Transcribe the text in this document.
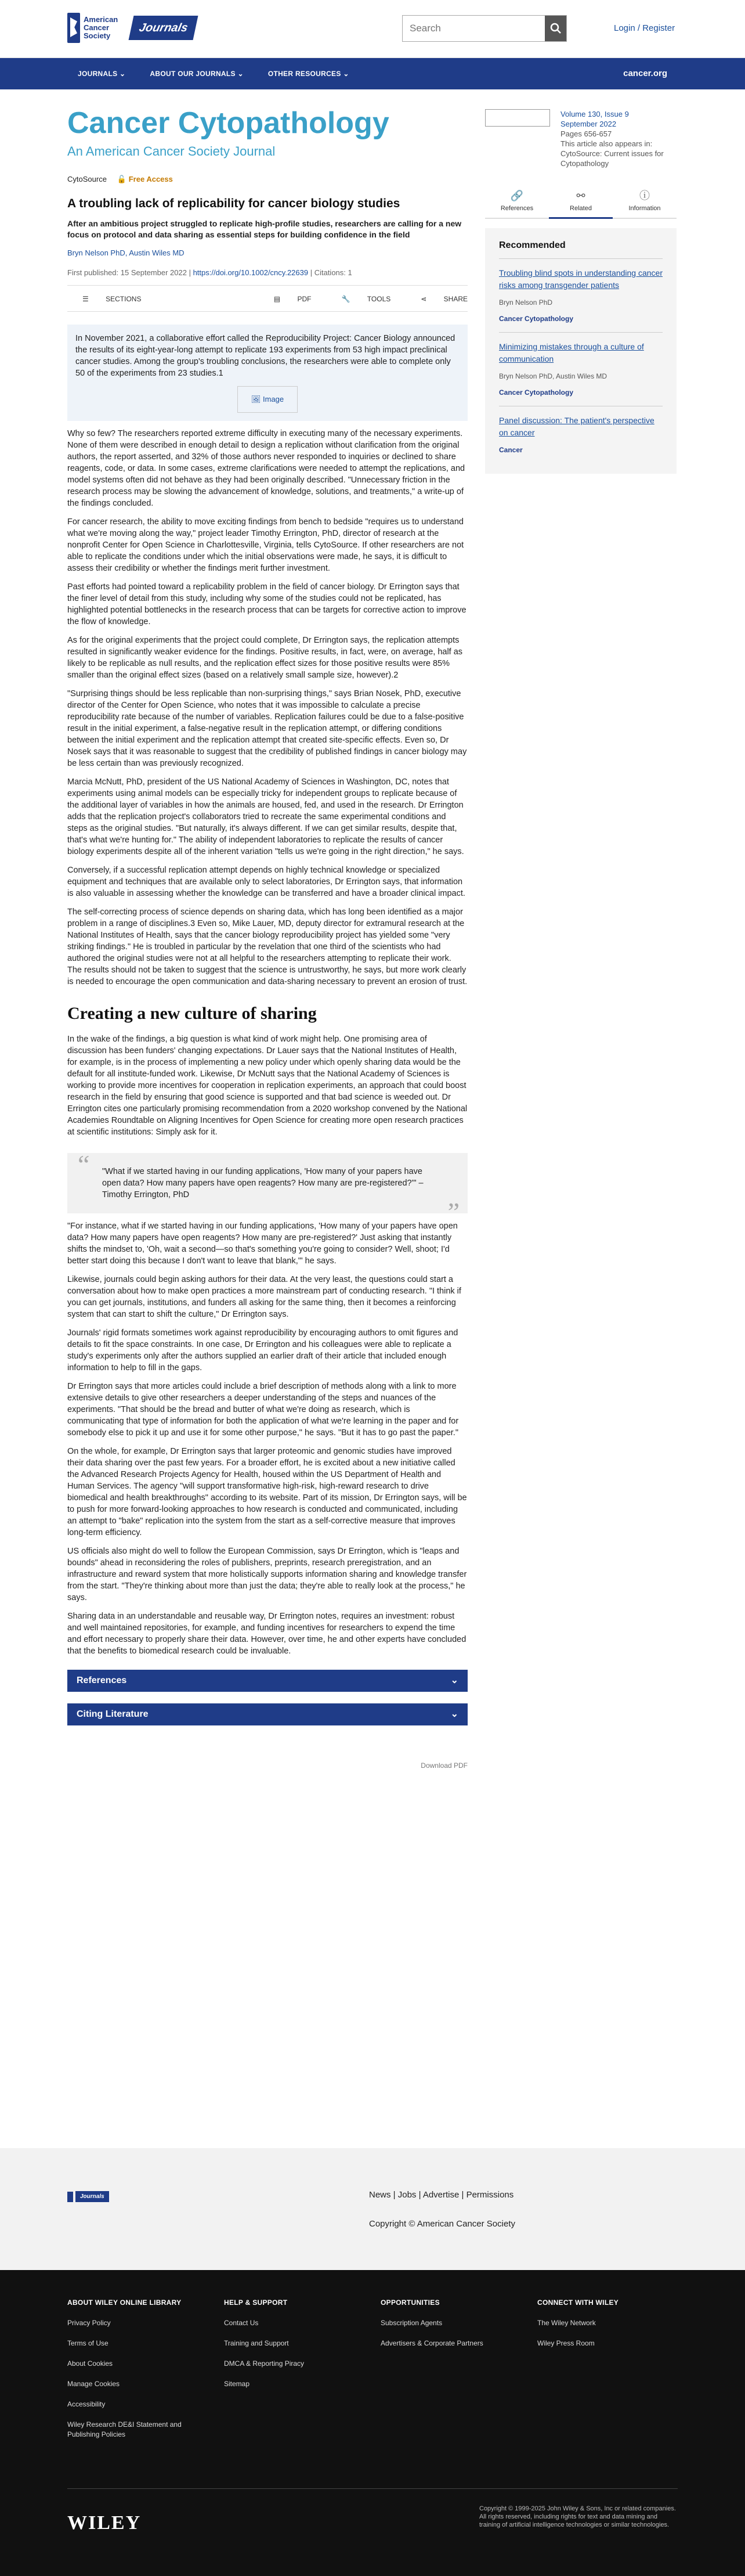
American Cancer Society
Journals
Search	Login / Register
JOURNALS ⌄	ABOUT OUR JOURNALS ⌄	OTHER RESOURCES ⌄	cancer.org
Cancer Cytopathology
An American Cancer Society Journal
CytoSource 🔓 Free Access
A troubling lack of replicability for cancer biology studies
After an ambitious project struggled to replicate high-profile studies, researchers are calling for a new focus on protocol and data sharing as essential steps for building confidence in the field
Bryn Nelson PhD, Austin Wiles MD
First published: 15 September 2022 | https://doi.org/10.1002/cncy.22639 | Citations: 1
☰ SECTIONS	▤ PDF	🔧 TOOLS	⋖ SHARE

In November 2021, a collaborative effort called the Reproducibility Project: Cancer Biology announced the results of its eight-year-long attempt to replicate 193 experiments from 53 high impact preclinical cancer studies. Among the group's troubling conclusions, the researchers were able to complete only 50 of the experiments from 23 studies.1

🖼
Image

Why so few? The researchers reported extreme difficulty in executing many of the necessary experiments. None of them were described in enough detail to design a replication without clarification from the original authors, the report asserted, and 32% of those authors never responded to inquiries or declined to share reagents, code, or data. In some cases, extreme clarifications were needed to attempt the replications, and model systems often did not behave as they had been originally described. "Unnecessary friction in the research process may be slowing the advancement of knowledge, solutions, and treatments," a write-up of the findings concluded.

For cancer research, the ability to move exciting findings from bench to bedside "requires us to understand what we're moving along the way," project leader Timothy Errington, PhD, director of research at the nonprofit Center for Open Science in Charlottesville, Virginia, tells CytoSource. If other researchers are not able to replicate the conditions under which the initial observations were made, he says, it is difficult to assess their credibility or whether the findings merit further investment.

Past efforts had pointed toward a replicability problem in the field of cancer biology. Dr Errington says that the finer level of detail from this study, including why some of the studies could not be replicated, has highlighted potential bottlenecks in the research process that can be targets for corrective action to improve the flow of knowledge.

As for the original experiments that the project could complete, Dr Errington says, the replication attempts resulted in significantly weaker evidence for the findings. Positive results, in fact, were, on average, half as likely to be replicable as null results, and the replication effect sizes for those positive results were 85% smaller than the original effect sizes (based on a relatively small sample size, however).2

"Surprising things should be less replicable than non-surprising things," says Brian Nosek, PhD, executive director of the Center for Open Science, who notes that it was impossible to calculate a precise reproducibility rate because of the number of variables. Replication failures could be due to a false-positive result in the initial experiment, a false-negative result in the replication attempt, or differing conditions between the initial experiment and the replication attempt that created site-specific effects. Even so, Dr Nosek says that it was reasonable to suggest that the credibility of published findings in cancer biology may be less certain than was previously recognized.

Marcia McNutt, PhD, president of the US National Academy of Sciences in Washington, DC, notes that experiments using animal models can be especially tricky for independent groups to replicate because of the additional layer of variables in how the animals are housed, fed, and used in the research. Dr Errington adds that the replication project's collaborators tried to recreate the same experimental conditions and steps as the original studies. "But naturally, it's always different. If we can get similar results, despite that, that's what we're hunting for." The ability of independent laboratories to replicate the results of cancer biology experiments despite all of the inherent variation "tells us we're going in the right direction," he says.

Conversely, if a successful replication attempt depends on highly technical knowledge or specialized equipment and techniques that are available only to select laboratories, Dr Errington says, that information is also valuable in assessing whether the knowledge can be transferred and have a broader clinical impact.

The self-correcting process of science depends on sharing data, which has long been identified as a major problem in a range of disciplines.3 Even so, Mike Lauer, MD, deputy director for extramural research at the National Institutes of Health, says that the cancer biology reproducibility project has yielded some "very striking findings." He is troubled in particular by the revelation that one third of the scientists who had authored the original studies were not at all helpful to the researchers attempting to replicate their work. The results should not be taken to suggest that the science is untrustworthy, he says, but more work clearly is needed to encourage the open communication and data-sharing necessary to prevent an erosion of trust.

Creating a new culture of sharing

In the wake of the findings, a big question is what kind of work might help. One promising area of discussion has been funders' changing expectations. Dr Lauer says that the National Institutes of Health, for example, is in the process of implementing a new policy under which openly sharing data would be the default for all institute-funded work. Likewise, Dr McNutt says that the National Academy of Sciences is working to provide more incentives for cooperation in replication experiments, an approach that could boost research in the field by ensuring that good science is supported and that bad science is weeded out. Dr Errington cites one particularly promising recommendation from a 2020 workshop convened by the National Academies Roundtable on Aligning Incentives for Open Science for creating more open research practices at scientific institutions: Simply ask for it.

“ "What if we started having in our funding applications, 'How many of your papers have open data? How many papers have open reagents? How many are pre-registered?'" –Timothy Errington, PhD
”

"For instance, what if we started having in our funding applications, 'How many of your papers have open data? How many papers have open reagents? How many are pre-registered?' Just asking that instantly shifts the mindset to, 'Oh, wait a second—so that's something you're going to consider? Well, shoot; I'd better start doing this because I don't want to leave that blank,'" he says.

Likewise, journals could begin asking authors for their data. At the very least, the questions could start a conversation about how to make open practices a more mainstream part of conducting research. "I think if you can get journals, institutions, and funders all asking for the same thing, then it becomes a reinforcing system that can start to shift the culture," Dr Errington says.

Journals' rigid formats sometimes work against reproducibility by encouraging authors to omit figures and details to fit the space constraints. In one case, Dr Errington and his colleagues were able to replicate a study's experiments only after the authors supplied an earlier draft of their article that included enough information to help to fill in the gaps.

Dr Errington says that more articles could include a brief description of methods along with a link to more extensive details to give other researchers a deeper understanding of the steps and nuances of the experiments. "That should be the bread and butter of what we're doing as research, which is communicating that type of information for both the application of what we're learning in the paper and for somebody else to pick it up and use it for some other purpose," he says. "But it has to go past the paper."

On the whole, for example, Dr Errington says that larger proteomic and genomic studies have improved their data sharing over the past few years. For a broader effort, he is excited about a new initiative called the Advanced Research Projects Agency for Health, housed within the US Department of Health and Human Services. The agency "will support transformative high-risk, high-reward research to drive biomedical and health breakthroughs" according to its website. Part of its mission, Dr Errington says, will be to push for more forward-looking approaches to how research is conducted and communicated, including an attempt to "bake" replication into the system from the start as a self-corrective measure that improves long-term efficiency.

US officials also might do well to follow the European Commission, says Dr Errington, which is "leaps and bounds" ahead in reconsidering the roles of publishers, preprints, research preregistration, and an infrastructure and reward system that more holistically supports information sharing and knowledge transfer from the start. "They're thinking about more than just the data; they're able to really look at the process," he says.

Sharing data in an understandable and reusable way, Dr Errington notes, requires an investment: robust and well maintained repositories, for example, and funding incentives for researchers to expend the time and effort necessary to properly share their data. However, over time, he and other experts have concluded that the benefits to biomedical research could be invaluable.

References	⌄
Citing Literature	⌄
Download PDF
Volume 130, Issue 9
September 2022
Pages 656-657
This article also appears in: CytoSource: Current issues for Cytopathology
🔗
References
⚯
Related
ⓘ
Information
Recommended
Troubling blind spots in understanding cancer risks among transgender patients
Bryn Nelson PhD
Cancer Cytopathology
Minimizing mistakes through a culture of communication
Bryn Nelson PhD, Austin Wiles MD
Cancer Cytopathology
Panel discussion: The patient's perspective on cancer
Cancer
Journals	News | Jobs | Advertise | Permissions
Copyright © American Cancer Society
ABOUT WILEY ONLINE LIBRARY
Privacy Policy
Terms of Use
About Cookies
Manage Cookies
Accessibility
Wiley Research DE&I Statement and Publishing Policies
HELP & SUPPORT
Contact Us
Training and Support
DMCA & Reporting Piracy
Sitemap
OPPORTUNITIES
Subscription Agents
Advertisers & Corporate Partners
CONNECT WITH WILEY
The Wiley Network
Wiley Press Room
WILEY
Copyright © 1999-2025 John Wiley & Sons, Inc or related companies. All rights reserved, including rights for text and data mining and training of artificial intelligence technologies or similar technologies.
